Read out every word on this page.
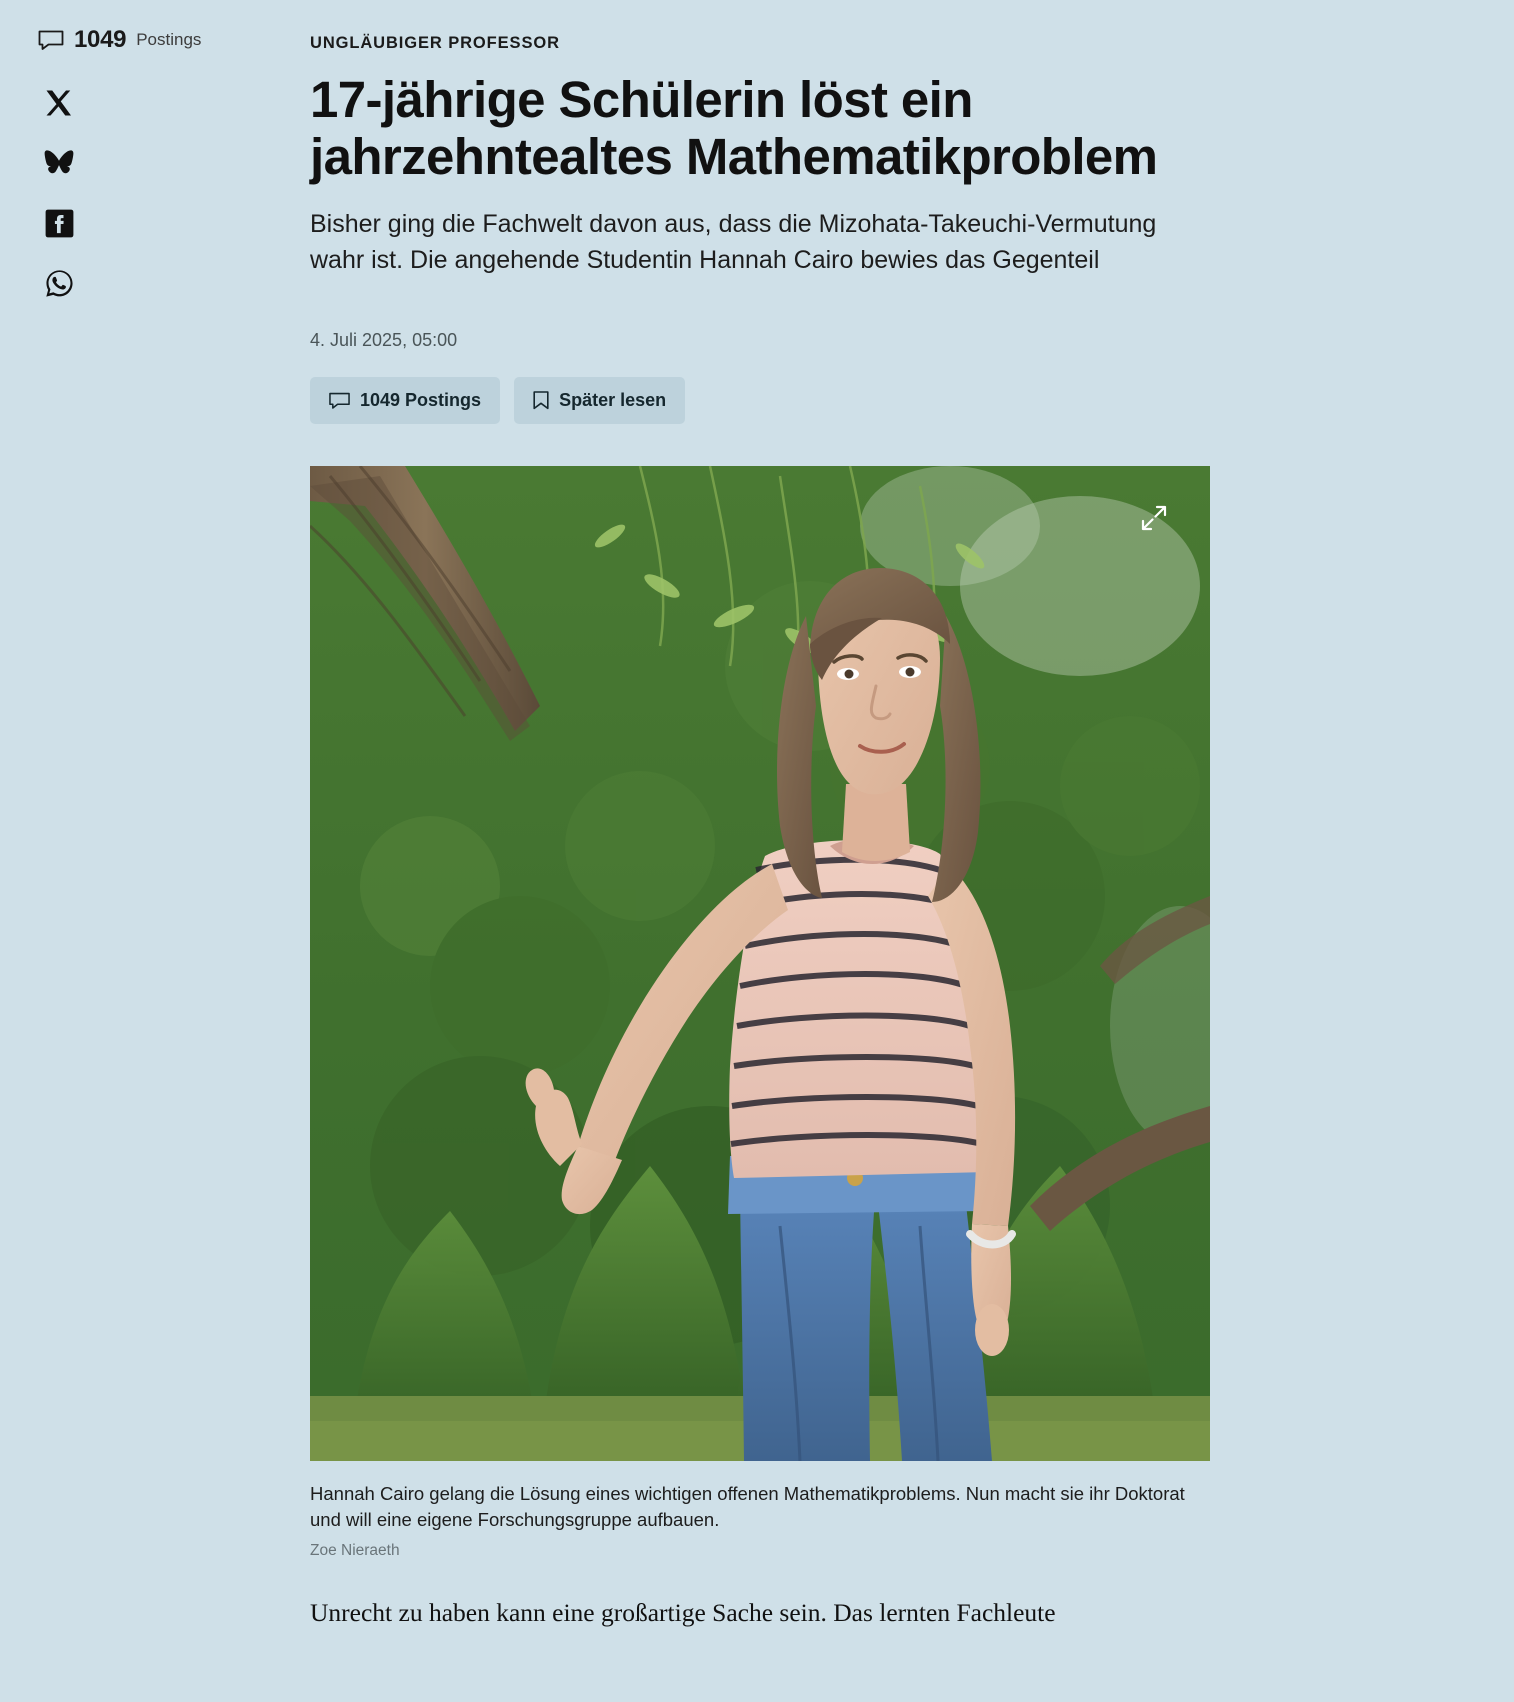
1049 Postings	UNGLÄUBIGER PROFESSOR
17-jährige Schülerin löst ein jahrzehntealtes Mathematikproblem

Bisher ging die Fachwelt davon aus, dass die Mizohata-Takeuchi-Vermutung wahr ist. Die angehende Studentin Hannah Cairo bewies das Gegenteil

4. Juli 2025, 05:00
1049 Postings	Später lesen
Hannah Cairo gelang die Lösung eines wichtigen offenen Mathematikproblems. Nun macht sie ihr Doktorat und will eine eigene Forschungsgruppe aufbauen.
Zoe Nieraeth

Unrecht zu haben kann eine großartige Sache sein. Das lernten Fachleute
